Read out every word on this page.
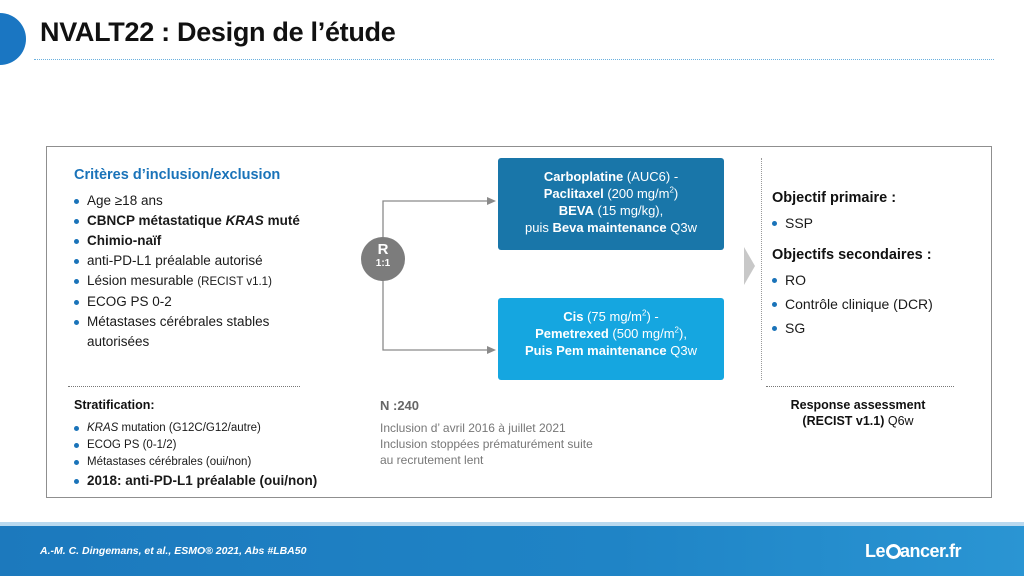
NVALT22 : Design de l’étude
Critères d’inclusion/exclusion
Age ≥18 ans
CBNCP métastatique KRAS muté
Chimio-naïf
anti-PD-L1 préalable autorisé
Lésion mesurable (RECIST v1.1)
ECOG PS 0-2
Métastases cérébrales stables
autorisées
Stratification:
KRAS mutation (G12C/G12/autre)
ECOG PS (0-1/2)
Métastases cérébrales (oui/non)
2018: anti-PD-L1 préalable (oui/non)
R
1:1
Carboplatine (AUC6) -
Paclitaxel (200 $mg/m^2$)
BEVA (15 mg/kg),
puis Beva maintenance Q3w
Cis (75 $mg/m^2$) -
Pemetrexed (500 $mg/m^2$),
Puis Pem maintenance Q3w
Objectif primaire :
SSP
Objectifs secondaires :
RO
Contrôle clinique (DCR)
SG
N :240
Inclusion d’ avril 2016 à juillet 2021
Inclusion stoppées prématurément suite
au recrutement lent
Response assessment
(RECIST v1.1) Q6w
A.-M. C. Dingemans, et al., ESMO® 2021, Abs #LBA50	Le ancer.fr
